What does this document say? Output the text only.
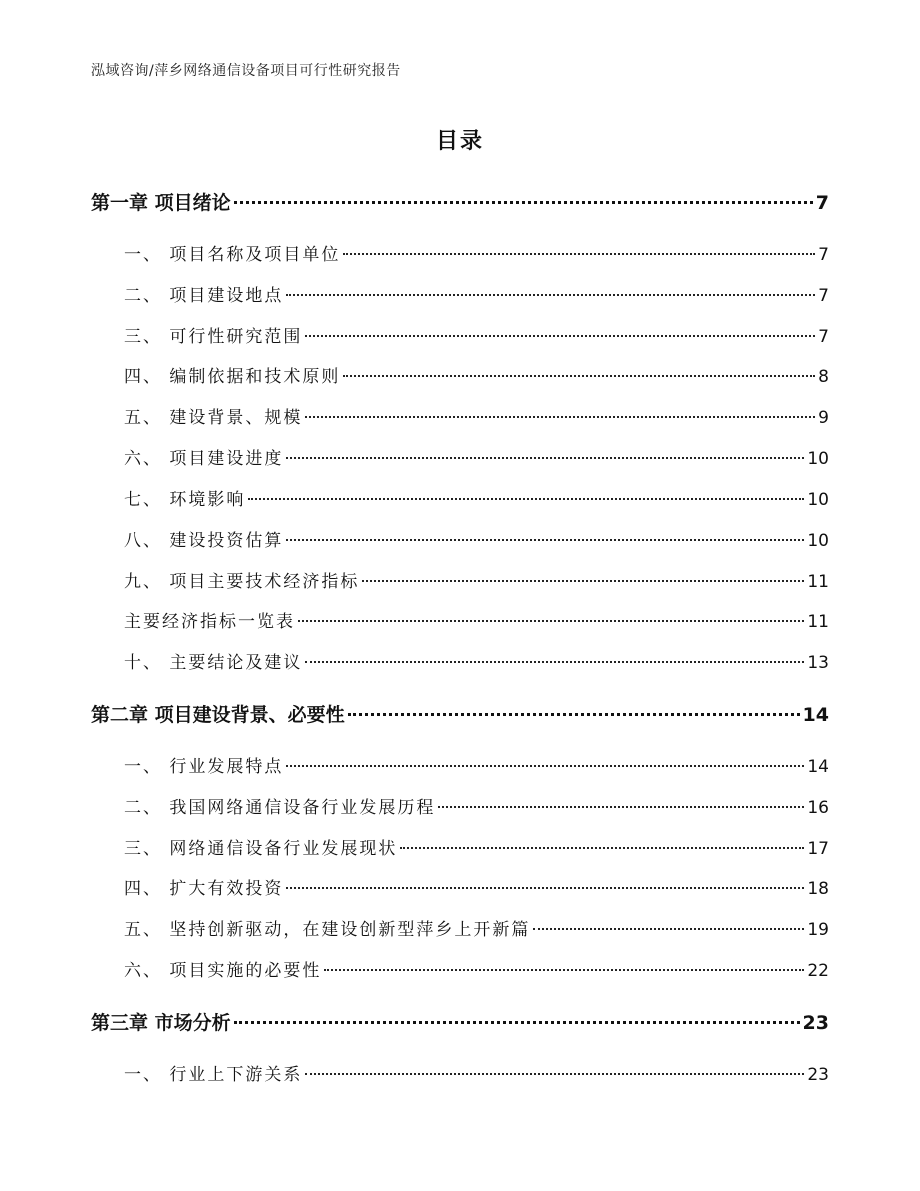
泓域咨询/萍乡网络通信设备项目可行性研究报告
目录
第一章 项目绪论	7
一、 项目名称及项目单位	7
二、 项目建设地点	7
三、 可行性研究范围	7
四、 编制依据和技术原则	8
五、 建设背景、规模	9
六、 项目建设进度	10
七、 环境影响	10
八、 建设投资估算	10
九、 项目主要技术经济指标	11
主要经济指标一览表	11
十、 主要结论及建议	13
第二章 项目建设背景、必要性	14
一、 行业发展特点	14
二、 我国网络通信设备行业发展历程	16
三、 网络通信设备行业发展现状	17
四、 扩大有效投资	18
五、 坚持创新驱动，在建设创新型萍乡上开新篇	19
六、 项目实施的必要性	22
第三章 市场分析	23
一、 行业上下游关系	23
